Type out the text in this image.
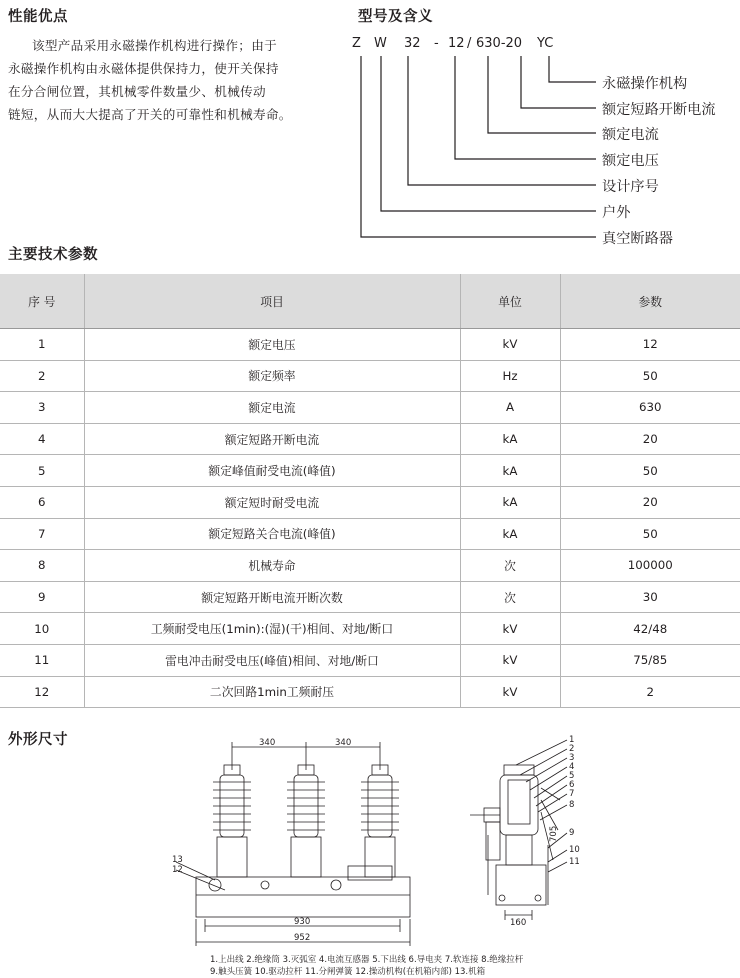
性能优点
该型产品采用永磁操作机构进行操作；由于
永磁操作机构由永磁体提供保持力，使开关保持
在分合闸位置，其机械零件数量少、机械传动
链短，从而大大提高了开关的可靠性和机械寿命。
型号及含义
Z W 32 - 12 / 630-20 YC
永磁操作机构
额定短路开断电流
额定电流
额定电压
设计序号
户外
真空断路器
主要技术参数
序 号	项目	单位	参数
1	额定电压	kV	12
2	额定频率	Hz	50
3	额定电流	A	630
4	额定短路开断电流	kA	20
5	额定峰值耐受电流(峰值)	kA	50
6	额定短时耐受电流	kA	20
7	额定短路关合电流(峰值)	kA	50
8	机械寿命	次	100000
9	额定短路开断电流开断次数	次	30
10	工频耐受电压(1min):(湿)(干)相间、对地/断口	kV	42/48
11	雷电冲击耐受电压(峰值)相间、对地/断口	kV	75/85
12	二次回路1min工频耐压	kV	2
外形尺寸	340	340
930
952
13
12
160
705
1
2
3
4
5
6
7
8
9
10
11
1.上出线 2.绝缘筒 3.灭弧室 4.电流互感器 5.下出线 6.导电夹 7.软连接 8.绝缘拉杆
9.触头压簧 10.驱动拉杆 11.分闸弹簧 12.操动机构(在机箱内部) 13.机箱
